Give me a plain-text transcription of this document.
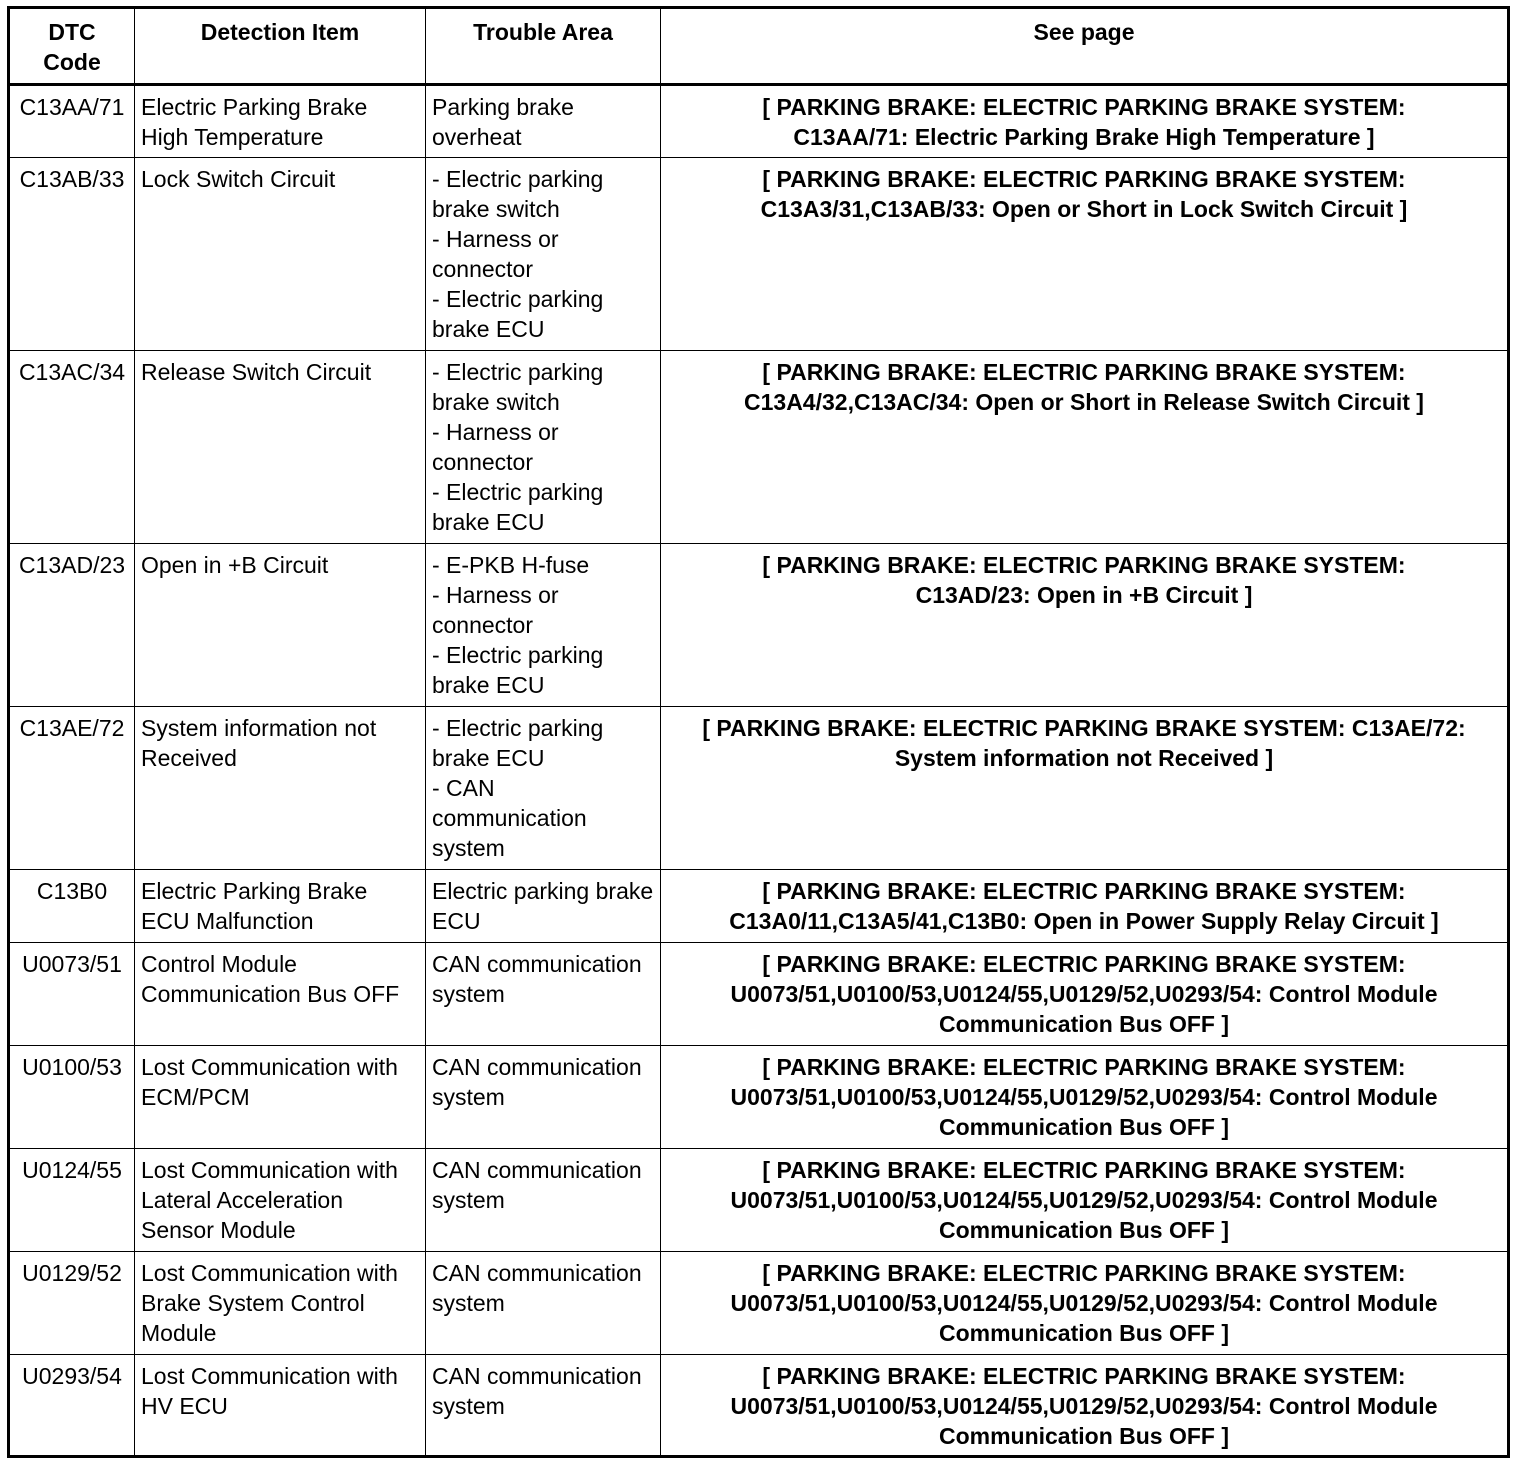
DTC
Code	Detection Item	Trouble Area	See page
C13AA/71	Electric Parking Brake High Temperature	Parking brake overheat	[ PARKING BRAKE: ELECTRIC PARKING BRAKE SYSTEM:
C13AA/71: Electric Parking Brake High Temperature ]

C13AB/33	Lock Switch Circuit	- Electric parking brake switch
- Harness or connector
- Electric parking brake ECU	[ PARKING BRAKE: ELECTRIC PARKING BRAKE SYSTEM:
C13A3/31,C13AB/33: Open or Short in Lock Switch Circuit ]

C13AC/34	Release Switch Circuit	- Electric parking brake switch
- Harness or connector
- Electric parking brake ECU	[ PARKING BRAKE: ELECTRIC PARKING BRAKE SYSTEM:
C13A4/32,C13AC/34: Open or Short in Release Switch Circuit ]

C13AD/23	Open in +B Circuit	- E-PKB H-fuse
- Harness or connector
- Electric parking brake ECU	[ PARKING BRAKE: ELECTRIC PARKING BRAKE SYSTEM:
C13AD/23: Open in +B Circuit ]

C13AE/72	System information not Received	- Electric parking brake ECU
- CAN communication system	[ PARKING BRAKE: ELECTRIC PARKING BRAKE SYSTEM: C13AE/72:
System information not Received ]

C13B0	Electric Parking Brake ECU Malfunction	Electric parking brake ECU	[ PARKING BRAKE: ELECTRIC PARKING BRAKE SYSTEM:
C13A0/11,C13A5/41,C13B0: Open in Power Supply Relay Circuit ]

U0073/51	Control Module Communication Bus OFF	CAN communication system	[ PARKING BRAKE: ELECTRIC PARKING BRAKE SYSTEM:
U0073/51,U0100/53,U0124/55,U0129/52,U0293/54: Control Module
Communication Bus OFF ]

U0100/53	Lost Communication with ECM/PCM	CAN communication system	[ PARKING BRAKE: ELECTRIC PARKING BRAKE SYSTEM:
U0073/51,U0100/53,U0124/55,U0129/52,U0293/54: Control Module
Communication Bus OFF ]

U0124/55	Lost Communication with Lateral Acceleration Sensor Module	CAN communication system	[ PARKING BRAKE: ELECTRIC PARKING BRAKE SYSTEM:
U0073/51,U0100/53,U0124/55,U0129/52,U0293/54: Control Module
Communication Bus OFF ]

U0129/52	Lost Communication with Brake System Control Module	CAN communication system	[ PARKING BRAKE: ELECTRIC PARKING BRAKE SYSTEM:
U0073/51,U0100/53,U0124/55,U0129/52,U0293/54: Control Module
Communication Bus OFF ]

U0293/54	Lost Communication with HV ECU	CAN communication system	[ PARKING BRAKE: ELECTRIC PARKING BRAKE SYSTEM:
U0073/51,U0100/53,U0124/55,U0129/52,U0293/54: Control Module
Communication Bus OFF ]
